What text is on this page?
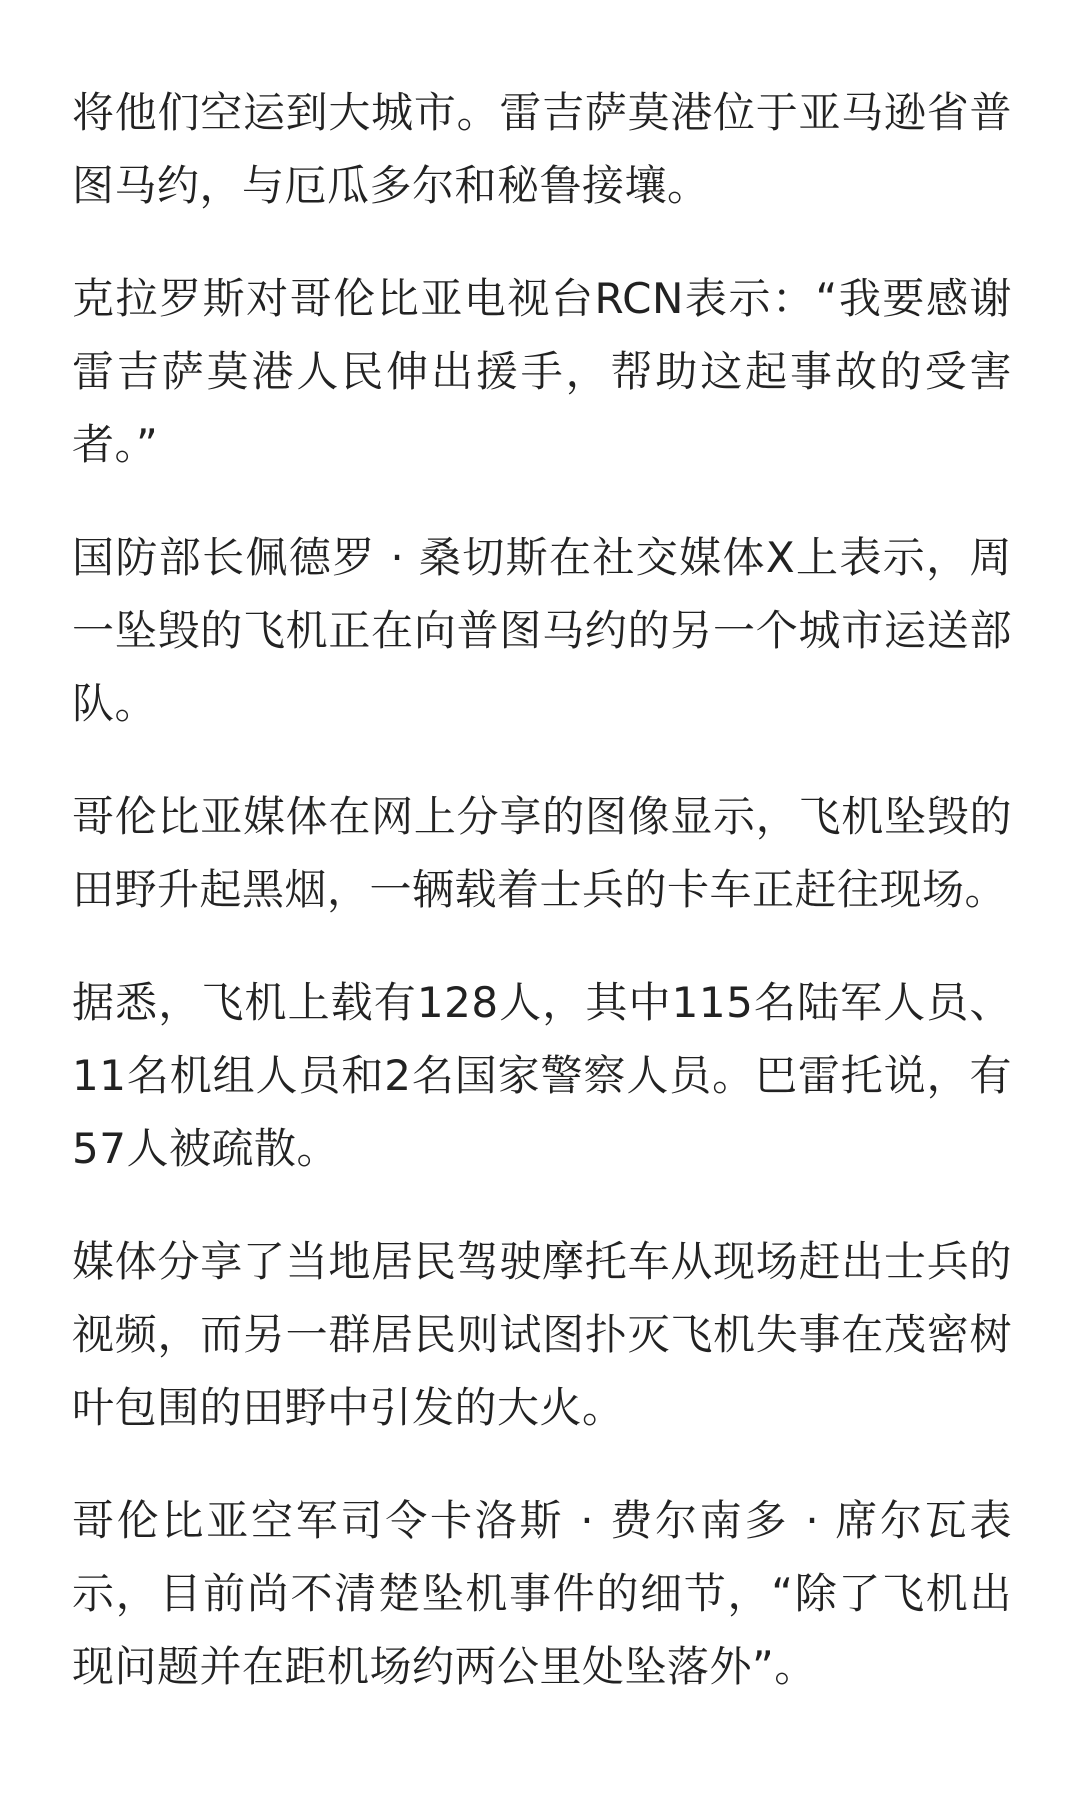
将他们空运到大城市。雷吉萨莫港位于亚马逊省普图马约，与厄瓜多尔和秘鲁接壤。

克拉罗斯对哥伦比亚电视台RCN表示：“我要感谢雷吉萨莫港人民伸出援手，帮助这起事故的受害者。”

国防部长佩德罗 · 桑切斯在社交媒体X上表示，周一坠毁的飞机正在向普图马约的另一个城市运送部队。

哥伦比亚媒体在网上分享的图像显示，飞机坠毁的田野升起黑烟，一辆载着士兵的卡车正赶往现场。

据悉，飞机上载有128人，其中115名陆军人员、11名机组人员和2名国家警察人员。巴雷托说，有57人被疏散。

媒体分享了当地居民驾驶摩托车从现场赶出士兵的视频，而另一群居民则试图扑灭飞机失事在茂密树叶包围的田野中引发的大火。

哥伦比亚空军司令卡洛斯 · 费尔南多 · 席尔瓦表示，目前尚不清楚坠机事件的细节，“除了飞机出现问题并在距机场约两公里处坠落外”。
